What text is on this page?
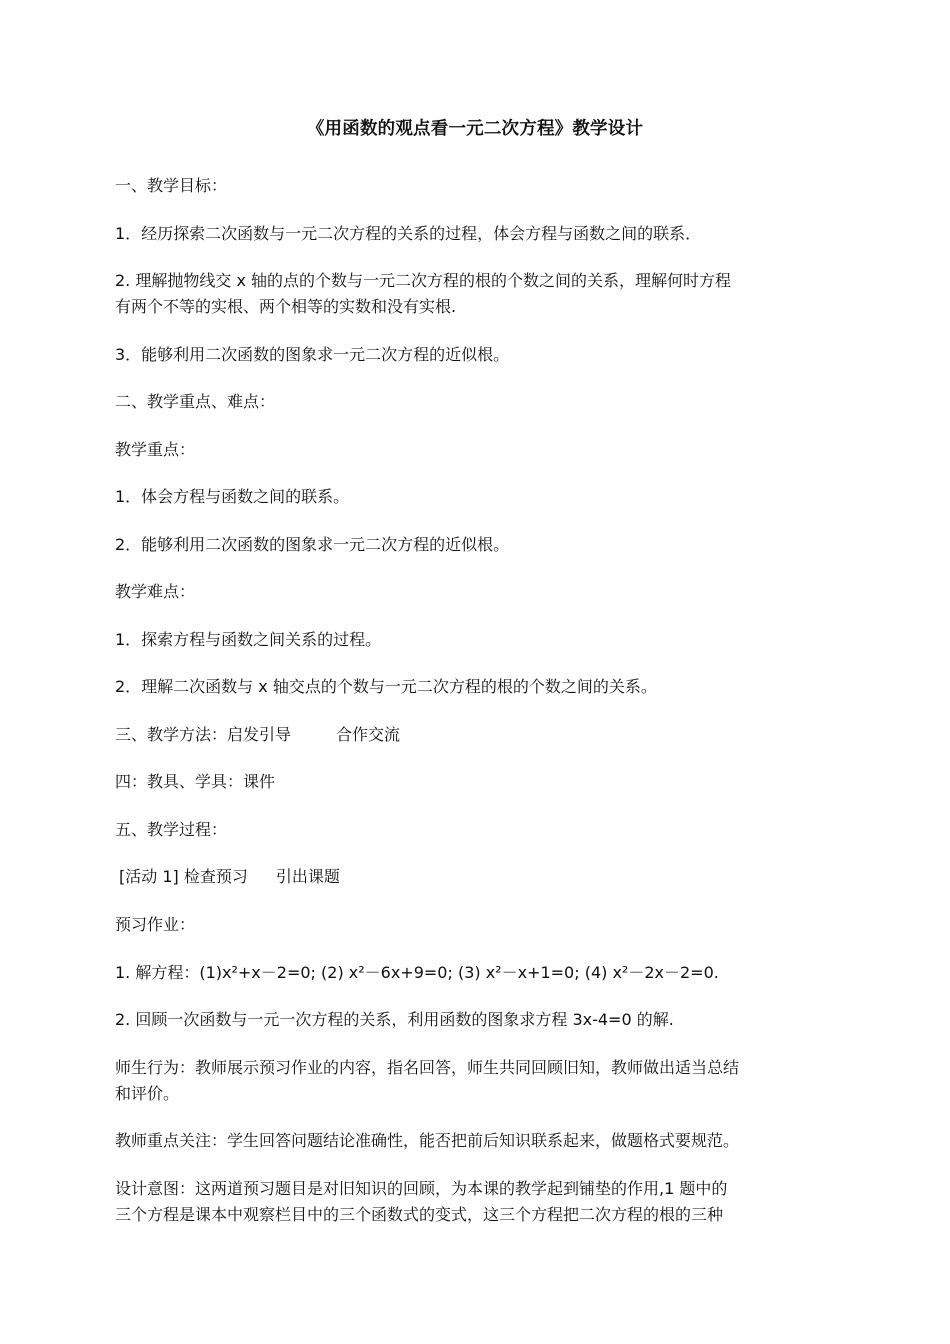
《用函数的观点看一元二次方程》教学设计
一、教学目标：
1．经历探索二次函数与一元二次方程的关系的过程，体会方程与函数之间的联系．
2. 理解抛物线交 x 轴的点的个数与一元二次方程的根的个数之间的关系，理解何时方程
有两个不等的实根、两个相等的实数和没有实根.
3．能够利用二次函数的图象求一元二次方程的近似根。
二、教学重点、难点：
教学重点：
1．体会方程与函数之间的联系。
2．能够利用二次函数的图象求一元二次方程的近似根。
教学难点：
1．探索方程与函数之间关系的过程。
2．理解二次函数与 x 轴交点的个数与一元二次方程的根的个数之间的关系。
三、教学方法：启发引导	合作交流
四：教具、学具：课件
五、教学过程：
[活动 1] 检查预习 引出课题
预习作业：
1. 解方程：(1)x²+x－2=0; (2) x²－6x+9=0; (3) x²－x+1=0; (4) x²－2x－2=0.
2. 回顾一次函数与一元一次方程的关系，利用函数的图象求方程 3x-4=0 的解.
师生行为：教师展示预习作业的内容，指名回答，师生共同回顾旧知，教师做出适当总结
和评价。
教师重点关注：学生回答问题结论准确性，能否把前后知识联系起来，做题格式要规范。
设计意图：这两道预习题目是对旧知识的回顾，为本课的教学起到铺垫的作用,1 题中的
三个方程是课本中观察栏目中的三个函数式的变式，这三个方程把二次方程的根的三种
